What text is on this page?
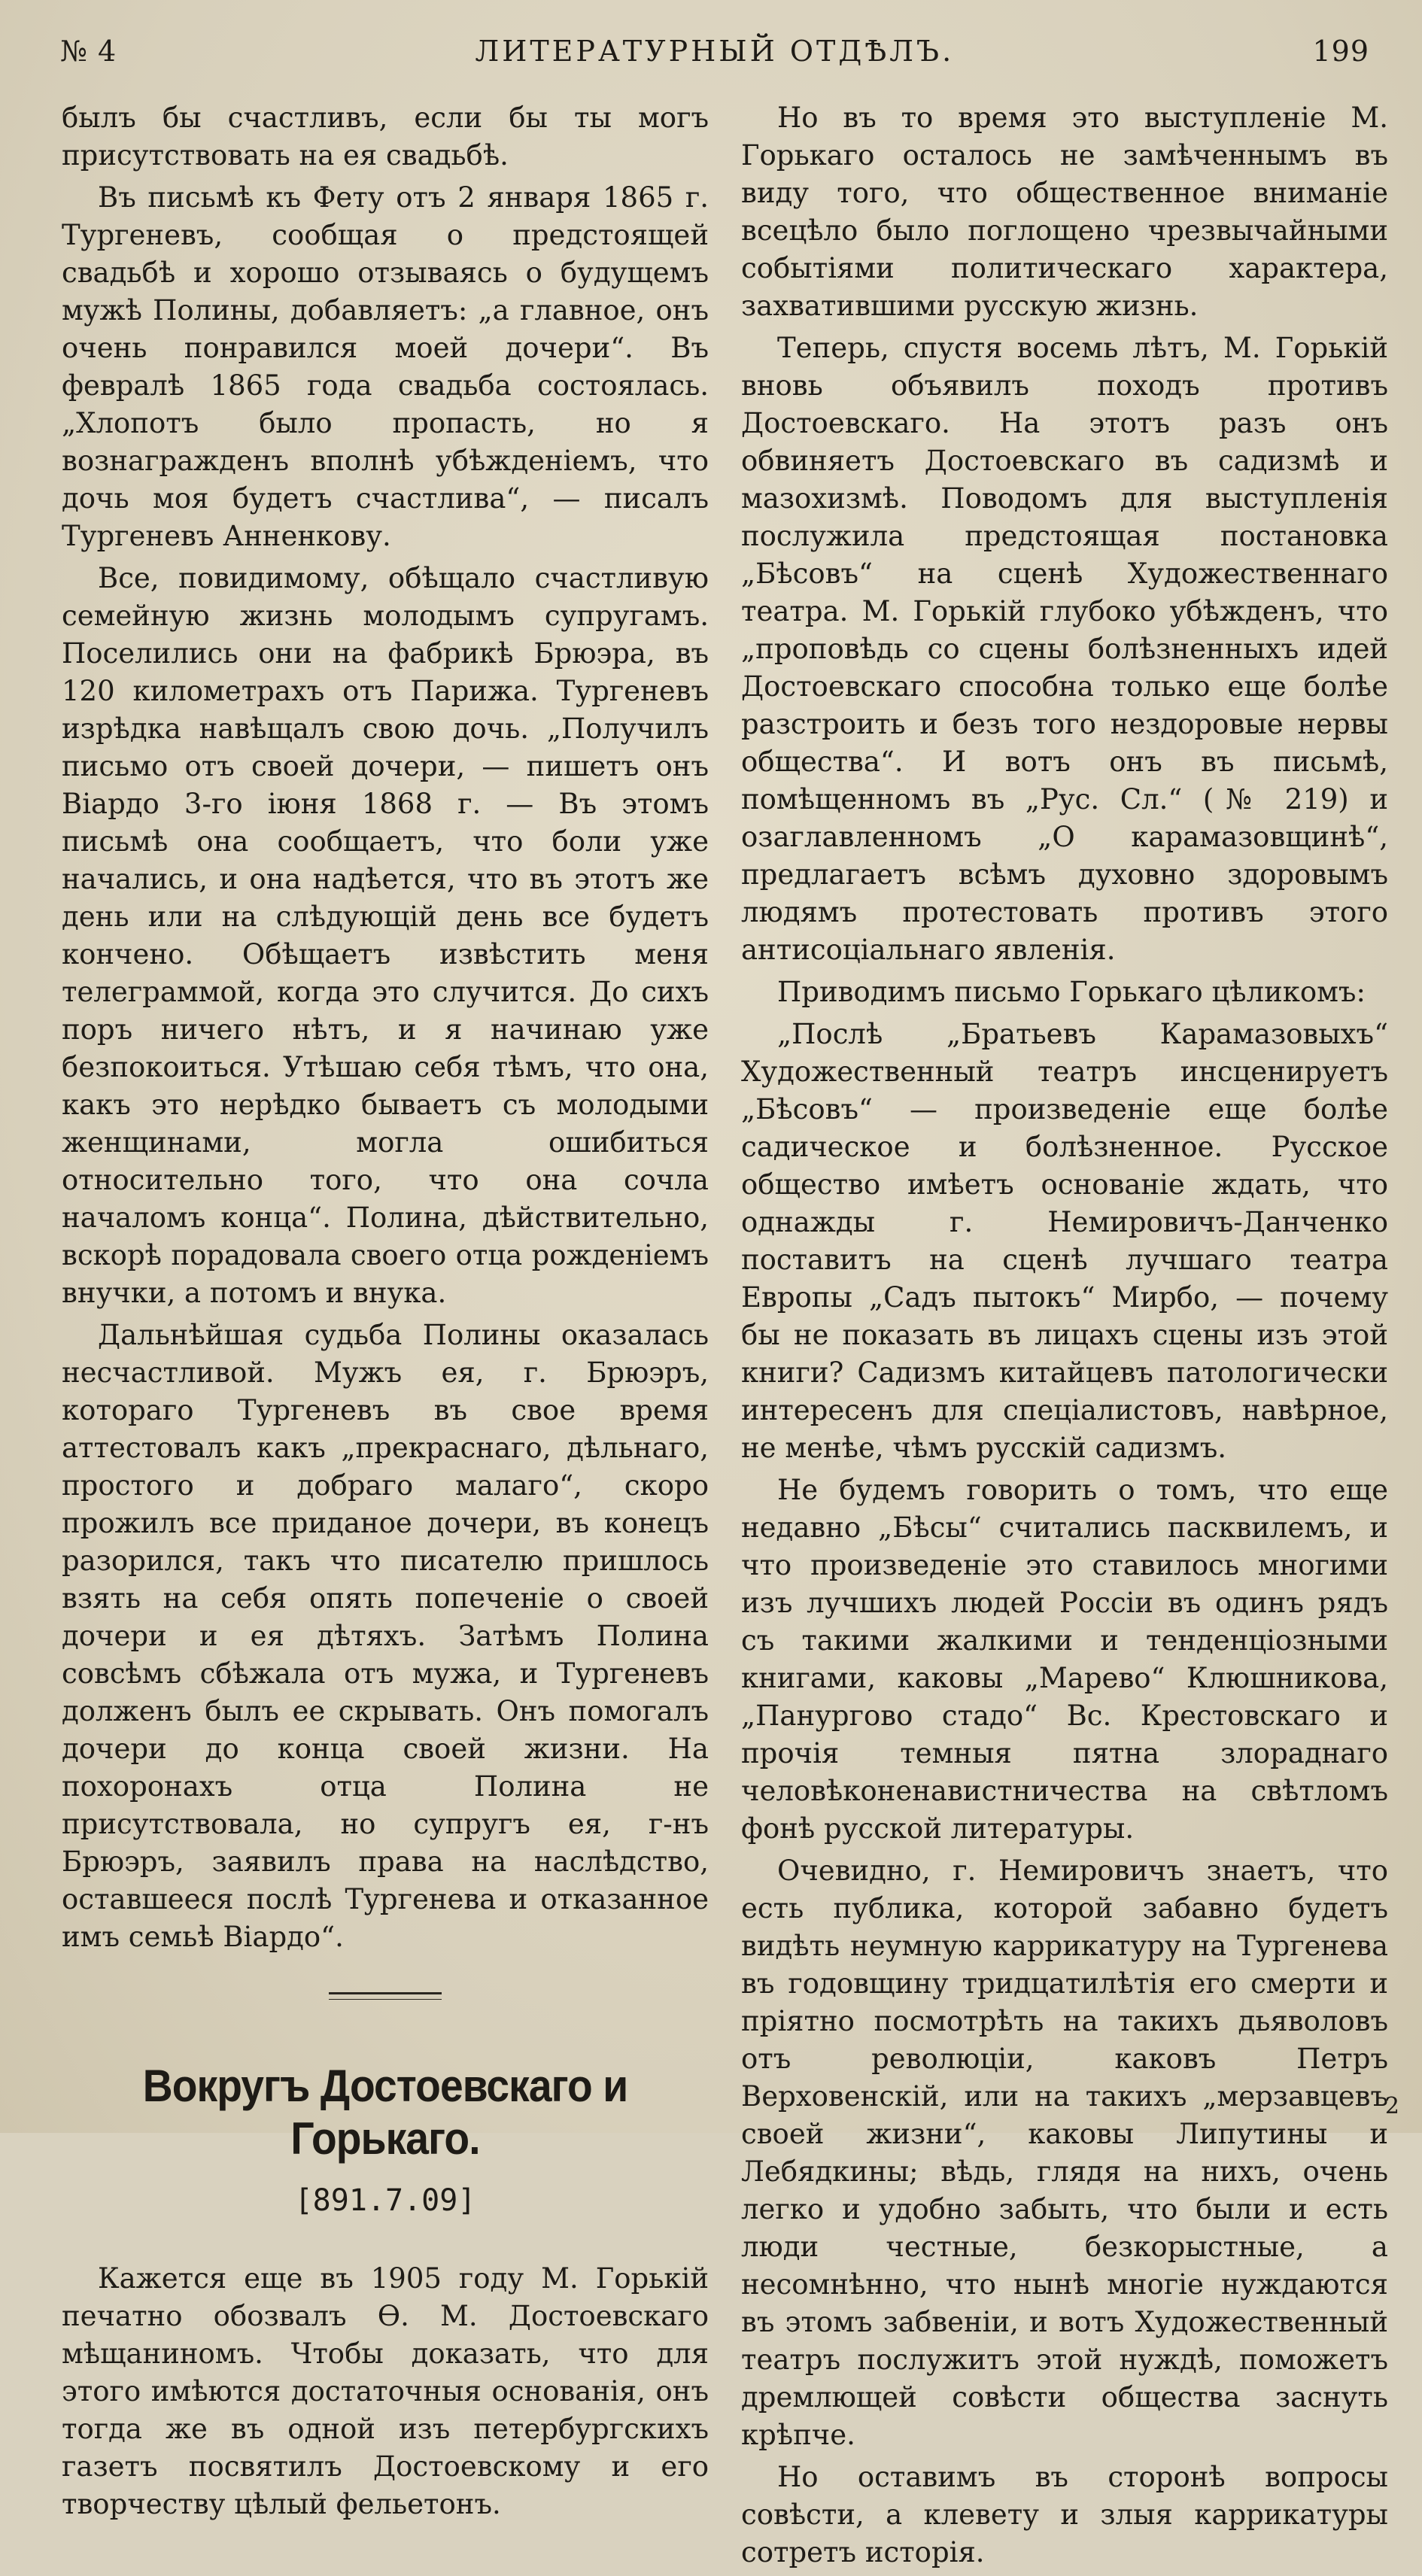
№ 4	ЛИТЕРАТУРНЫЙ ОТДѢЛЪ.	199

былъ бы счастливъ, если бы ты могъ присутствовать на ея свадьбѣ.

Въ письмѣ къ Фету отъ 2 января 1865 г. Тургеневъ, сообщая о предстоящей свадьбѣ и хорошо отзываясь о будущемъ мужѣ Полины, добавляетъ: „а главное, онъ очень понравился моей дочери“. Въ февралѣ 1865 года свадьба состоялась. „Хлопотъ было пропасть, но я вознагражденъ вполнѣ убѣжденіемъ, что дочь моя будетъ счастлива“, — писалъ Тургеневъ Анненкову.

Все, повидимому, обѣщало счастливую семейную жизнь молодымъ супругамъ. Поселились они на фабрикѣ Брюэра, въ 120 километрахъ отъ Парижа. Тургеневъ изрѣдка навѣщалъ свою дочь. „Получилъ письмо отъ своей дочери, — пишетъ онъ Віардо 3-го іюня 1868 г. — Въ этомъ письмѣ она сообщаетъ, что боли уже начались, и она надѣется, что въ этотъ же день или на слѣдующій день все будетъ кончено. Обѣщаетъ извѣстить меня телеграммой, когда это случится. До сихъ поръ ничего нѣтъ, и я начинаю уже безпокоиться. Утѣшаю себя тѣмъ, что она, какъ это нерѣдко бываетъ съ молодыми женщинами, могла ошибиться относительно того, что она сочла началомъ конца“. Полина, дѣйствительно, вскорѣ порадовала своего отца рожденіемъ внучки, а потомъ и внука.

Дальнѣйшая судьба Полины оказалась несчастливой. Мужъ ея, г. Брюэръ, котораго Тургеневъ въ свое время аттестовалъ какъ „прекраснаго, дѣльнаго, простого и добраго малаго“, скоро прожилъ все приданое дочери, въ конецъ разорился, такъ что писателю пришлось взять на себя опять попеченіе о своей дочери и ея дѣтяхъ. Затѣмъ Полина совсѣмъ сбѣжала отъ мужа, и Тургеневъ долженъ былъ ее скрывать. Онъ помогалъ дочери до конца своей жизни. На похоронахъ отца Полина не присутствовала, но супругъ ея, г-нъ Брюэръ, заявилъ права на наслѣдство, оставшееся послѣ Тургенева и отказанное имъ семьѣ Віардо“.

Вокругъ Достоевскаго и Горькаго.
[891.7.09]

Кажется еще въ 1905 году М. Горькій печатно обозвалъ Ѳ. М. Достоевскаго мѣщаниномъ. Чтобы доказать, что для этого имѣются достаточныя основанія, онъ тогда же въ одной изъ петербургскихъ газетъ посвятилъ Достоевскому и его творчеству цѣлый фельетонъ.

Но въ то время это выступленіе М. Горькаго осталось не замѣченнымъ въ виду того, что общественное вниманіе всецѣло было поглощено чрезвычайными событіями политическаго характера, захватившими русскую жизнь.

Теперь, спустя восемь лѣтъ, М. Горькій вновь объявилъ походъ противъ Достоевскаго. На этотъ разъ онъ обвиняетъ Достоевскаго въ садизмѣ и мазохизмѣ. Поводомъ для выступленія послужила предстоящая постановка „Бѣсовъ“ на сценѣ Художественнаго театра. М. Горькій глубоко убѣжденъ, что „проповѣдь со сцены болѣзненныхъ идей Достоевскаго способна только еще болѣе разстроить и безъ того нездоровые нервы общества“. И вотъ онъ въ письмѣ, помѣщенномъ въ „Рус. Сл.“ (№ 219) и озаглавленномъ „О карамазовщинѣ“, предлагаетъ всѣмъ духовно здоровымъ людямъ протестовать противъ этого антисоціальнаго явленія.

Приводимъ письмо Горькаго цѣликомъ:

„Послѣ „Братьевъ Карамазовыхъ“ Художественный театръ инсценируетъ „Бѣсовъ“ — произведеніе еще болѣе садическое и болѣзненное. Русское общество имѣетъ основаніе ждать, что однажды г. Немировичъ-Данченко поставитъ на сценѣ лучшаго театра Европы „Садъ пытокъ“ Мирбо, — почему бы не показать въ лицахъ сцены изъ этой книги? Садизмъ китайцевъ патологически интересенъ для спеціалистовъ, навѣрное, не менѣе, чѣмъ русскій садизмъ.

Не будемъ говорить о томъ, что еще недавно „Бѣсы“ считались пасквилемъ, и что произведеніе это ставилось многими изъ лучшихъ людей Россіи въ одинъ рядъ съ такими жалкими и тенденціозными книгами, каковы „Марево“ Клюшникова, „Панургово стадо“ Вс. Крестовскаго и прочія темныя пятна злораднаго человѣконенавистничества на свѣтломъ фонѣ русской литературы.

Очевидно, г. Немировичъ знаетъ, что есть публика, которой забавно будетъ видѣть неумную каррикатуру на Тургенева въ годовщину тридцатилѣтія его смерти и пріятно посмотрѣть на такихъ дьяволовъ отъ революціи, каковъ Петръ Верховенскій, или на такихъ „мерзавцевъ своей жизни“, каковы Липутины и Лебядкины; вѣдь, глядя на нихъ, очень легко и удобно забыть, что были и есть люди честные, безкорыстные, а несомнѣнно, что нынѣ многіе нуждаются въ этомъ забвеніи, и вотъ Художественный театръ послужитъ этой нуждѣ, поможетъ дремлющей совѣсти общества заснуть крѣпче.

Но оставимъ въ сторонѣ вопросы совѣсти, а клевету и злыя каррикатуры сотретъ исторія.

2
